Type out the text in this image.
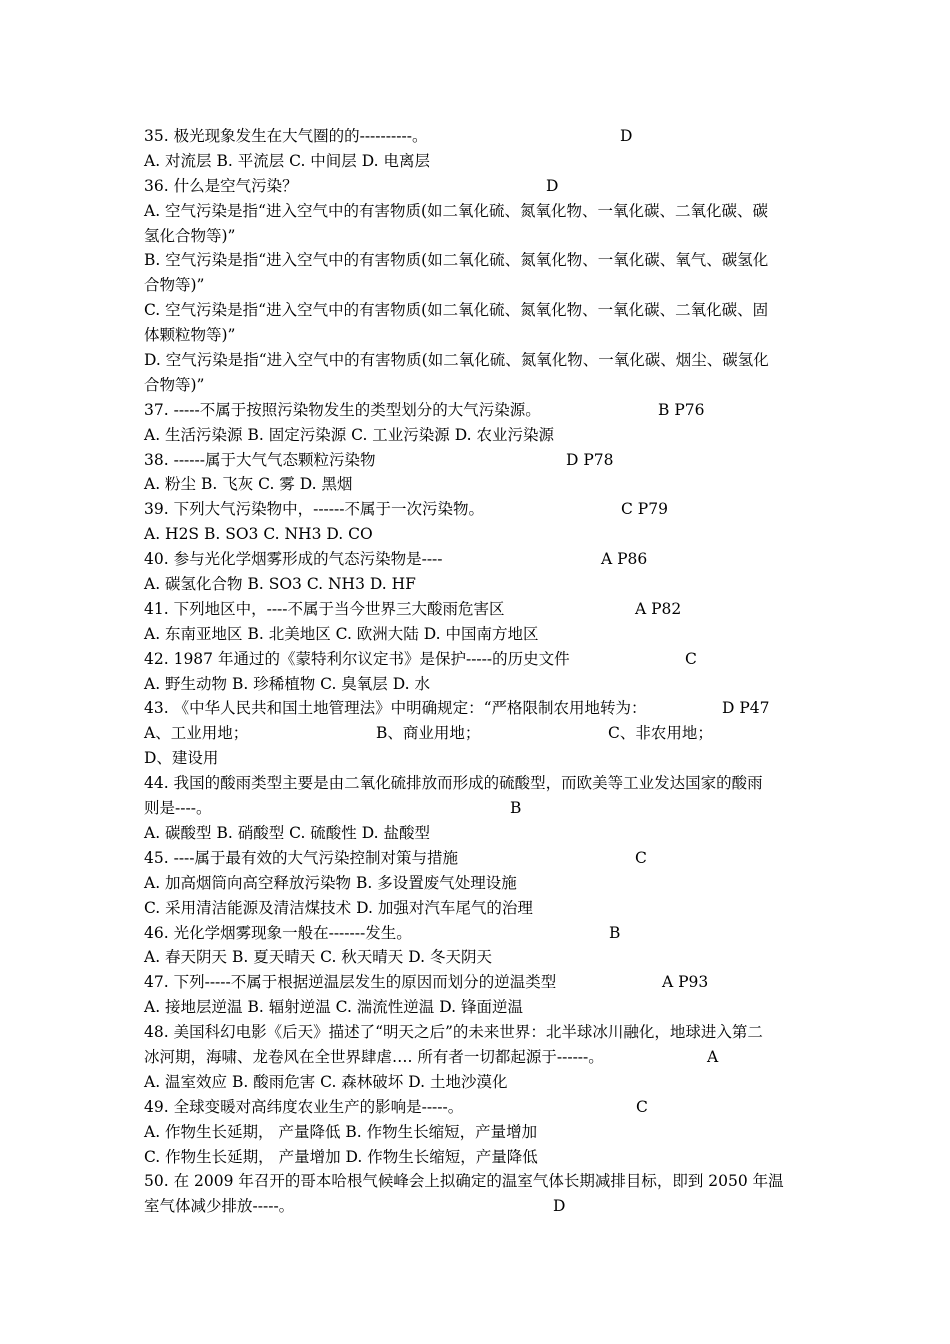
35. 极光现象发生在大气圈的的----------。	D
A. 对流层 B. 平流层 C. 中间层 D. 电离层
36. 什么是空气污染？	D
A. 空气污染是指“进入空气中的有害物质(如二氧化硫、氮氧化物、一氧化碳、二氧化碳、碳
氢化合物等)”
B. 空气污染是指“进入空气中的有害物质(如二氧化硫、氮氧化物、一氧化碳、氧气、碳氢化
合物等)”
C. 空气污染是指“进入空气中的有害物质(如二氧化硫、氮氧化物、一氧化碳、二氧化碳、固
体颗粒物等)”
D. 空气污染是指“进入空气中的有害物质(如二氧化硫、氮氧化物、一氧化碳、烟尘、碳氢化
合物等)”
37. -----不属于按照污染物发生的类型划分的大气污染源。	B P76
A. 生活污染源 B. 固定污染源 C. 工业污染源 D. 农业污染源
38. ------属于大气气态颗粒污染物	D P78
A. 粉尘 B. 飞灰 C. 雾 D. 黑烟
39. 下列大气污染物中，------不属于一次污染物。	C P79
A. H2S B. SO3 C. NH3 D. CO
40. 参与光化学烟雾形成的气态污染物是----	A P86
A. 碳氢化合物 B. SO3 C. NH3 D. HF
41. 下列地区中，----不属于当今世界三大酸雨危害区	A P82
A. 东南亚地区 B. 北美地区 C. 欧洲大陆 D. 中国南方地区
42. 1987 年通过的《蒙特利尔议定书》是保护-----的历史文件	C
A. 野生动物 B. 珍稀植物 C. 臭氧层 D. 水
43. 《中华人民共和国土地管理法》中明确规定：“严格限制农用地转为：	D P47
A、工业用地；	B、商业用地；	C、非农用地；
D、建设用
44. 我国的酸雨类型主要是由二氧化硫排放而形成的硫酸型，而欧美等工业发达国家的酸雨
则是----。	B
A. 碳酸型 B. 硝酸型 C. 硫酸性 D. 盐酸型
45. ----属于最有效的大气污染控制对策与措施	C
A. 加高烟筒向高空释放污染物 B. 多设置废气处理设施
C. 采用清洁能源及清洁煤技术 D. 加强对汽车尾气的治理
46. 光化学烟雾现象一般在-------发生。	B
A. 春天阴天 B. 夏天晴天 C. 秋天晴天 D. 冬天阴天
47. 下列-----不属于根据逆温层发生的原因而划分的逆温类型	A P93
A. 接地层逆温 B. 辐射逆温 C. 湍流性逆温 D. 锋面逆温
48. 美国科幻电影《后天》描述了“明天之后”的未来世界：北半球冰川融化，地球进入第二
冰河期，海啸、龙卷风在全世界肆虐…. 所有者一切都起源于------。	A
A. 温室效应 B. 酸雨危害 C. 森林破坏 D. 土地沙漠化
49. 全球变暖对高纬度农业生产的影响是-----。	C
A. 作物生长延期， 产量降低 B. 作物生长缩短，产量增加
C. 作物生长延期， 产量增加 D. 作物生长缩短，产量降低
50. 在 2009 年召开的哥本哈根气候峰会上拟确定的温室气体长期减排目标，即到 2050 年温
室气体减少排放-----。	D
